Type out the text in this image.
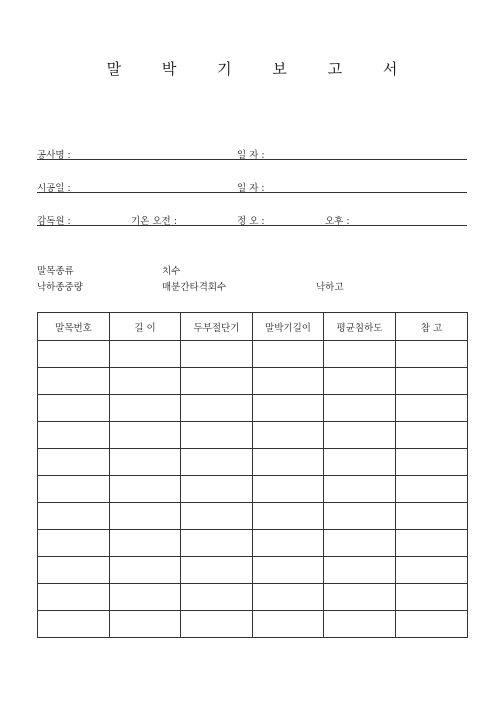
말 박 기 보 고 서
공사명 :	일 자 :
시공일 :	일 자 :
감독원 :	기온 오전 :	정 오 :	오후 :
말목종류	치수
낙하종중량	매분간타격회수	낙하고
말목번호	길 이	두부절단기	말박기길이	평균침하도	참 고
